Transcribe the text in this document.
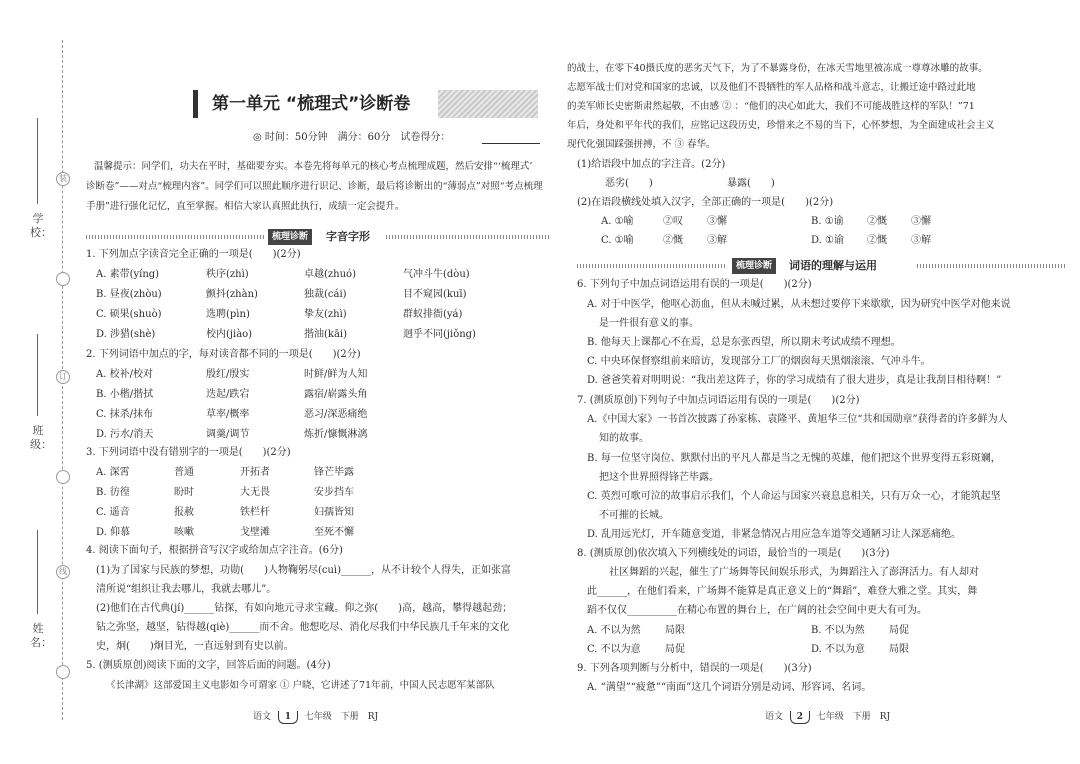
装
订
线
学校：
班级：
姓名：
第一单元 “梳理式”诊断卷
◎ 时间：50分钟　满分：60分　试卷得分：
温馨提示：同学们，功夫在平时，基础要夯实。本卷先将每单元的核心考点梳理成题，然后安排“‘梳理式’
诊断卷”——对点“梳理内容”。同学们可以照此顺序进行识记、诊断，最后将诊断出的“薄弱点”对照“考点梳理
手册”进行强化记忆，直至掌握。相信大家认真照此执行，成绩一定会提升。
梳理诊断	字音字形
1. 下列加点字读音完全正确的一项是(　　)(2分)
A. 素带(yíng)	秩序(zhì)	卓越(zhuó)	气冲斗牛(dòu)
B. 昼夜(zhòu)	颤抖(zhàn)	独裁(cái)	目不窥园(kuī)
C. 硕果(shuò)	选聘(pìn)	挚友(zhì)	群蚁排衙(yá)
D. 涉猎(shè)	校内(jiào)	揩油(kāi)	迥乎不同(jiǒng)
2. 下列词语中加点的字，每对读音都不同的一项是(　　)(2分)
A. 校补/校对	殷红/殷实	时鲜/鲜为人知
B. 小楷/揩拭	迭起/跌宕	露宿/崭露头角
C. 抹杀/抹布	草率/概率	恶习/深恶痛绝
D. 污水/消天	调羹/调节	炼折/慷慨淋漓
3. 下列词语中没有错别字的一项是(　　)(2分)
A. 深霄	普通	开拓者	锋芒毕露
B. 彷徨	盼时	大无畏	安步挡车
C. 遥音	报赦	铁栏杆	妇孺皆知
D. 仰慕	咳嗽	戈壁滩	至死不懈
4. 阅读下面句子，根据拼音写汉字或给加点字注音。(6分)
(1)为了国家与民族的梦想，功勋(　　)人物鞠躬尽(cuì)______，从不计较个人得失，正如张富
清所说“组织让我去哪儿，我就去哪儿”。
(2)他们在古代典(jí)______钻探，有如向地元寻求宝藏。仰之弥(　　)高，越高，攀得越起劲；
钻之弥坚，越坚，钻得越(qiè)______而不舍。他想吃尽、消化尽我们中华民族几千年来的文化
史，炯(　　)炯目光，一直远射到有史以前。
5. (测质原创)阅读下面的文字，回答后面的问题。(4分)
《长津湖》这部爱国主义电影如今可谓家 ① 户晓，它讲述了71年前，中国人民志愿军某部队
语文 1 七年级　下册　RJ
的战士，在零下40摄氏度的恶劣天气下，为了不暴露身份，在冰天雪地里被冻成一尊尊冰雕的故事。
志愿军战士们对党和国家的忠诚，以及他们不畏牺牲的军人品格和战斗意志，让搬迁途中路过此地
的美军师长史密斯肃然起敬，不由感 ② ：“他们的决心如此大，我们不可能战胜这样的军队！”71
年后，身处和平年代的我们，应铭记这段历史，珍惜来之不易的当下，心怀梦想，为全面建成社会主义
现代化强国踩强拼搏，不 ③ 春华。
(1)给语段中加点的字注音。(2分)
恶劣(　　)	暴露(　　)
(2)在语段横线处填入汉字，全部正确的一项是(　　)(2分)
A. ①喻	②叹 ③懈	B. ①谕 ②慨 ③懈
C. ①喻	②慨 ③解	D. ①谕 ②慨 ③解
梳理诊断	词语的理解与运用
6. 下列句子中加点词语运用有误的一项是(　　)(2分)
A. 对于中医学，他呕心沥血，但从未喊过累，从未想过要停下来歇歇，因为研究中医学对他来说
是一件很有意义的事。
B. 他每天上课都心不在焉，总是东张西望，所以期末考试成绩不理想。
C. 中央环保督察组前来暗访，发现部分工厂的烟囱每天黑烟滚滚、气冲斗牛。
D. 爸爸笑着对明明说：“我出差这阵子，你的学习成绩有了很大进步，真是让我刮目相待啊！”
7. (测质原创)下列句子中加点词语运用有误的一项是(　　)(2分)
A.《中国大家》一书首次披露了孙家栋、袁隆平、黄旭华三位“共和国勋章”获得者的许多鲜为人
知的故事。
B. 每一位坚守岗位、默默付出的平凡人都是当之无愧的英雄，他们把这个世界变得五彩斑斓，
把这个世界照得锋芒毕露。
C. 英烈可歌可泣的故事启示我们，个人命运与国家兴衰息息相关，只有万众一心，才能筑起坚
不可摧的长城。
D. 乱用远光灯，开车随意变道，非紧急情况占用应急车道等交通陋习让人深恶痛绝。
8. (测质原创)依次填入下列横线处的词语，最恰当的一项是(　　)(3分)
社区舞蹈的兴起，催生了广场舞等民间娱乐形式，为舞蹈注入了澎湃活力。有人却对
此______，在他们看来，广场舞不能算是真正意义上的“舞蹈”，难登大雅之堂。其实，舞
蹈不仅仅__________在精心布置的舞台上，在广阔的社会空间中更大有可为。
A. 不以为然 局限	B. 不以为然 局促
C. 不以为意 局促	D. 不以为意 局限
9. 下列各项判断与分析中，错误的一项是(　　)(3分)
A. “满望”“疲惫”“南面”这几个词语分别是动词、形容词、名词。
语文 2 七年级　下册　RJ
